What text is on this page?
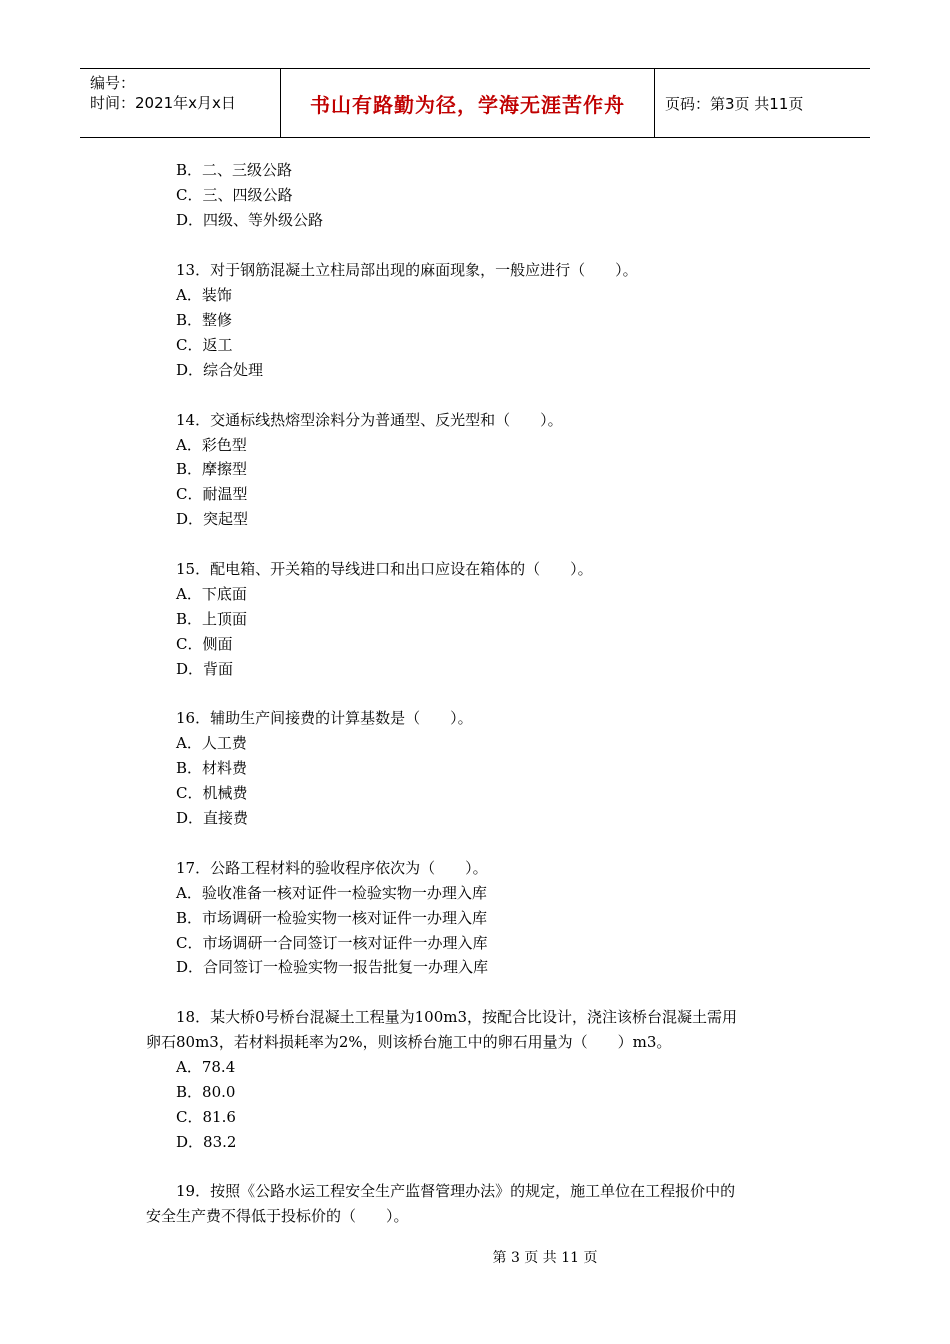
编号：
时间：2021年x月x日	书山有路勤为径，学海无涯苦作舟	页码：第3页 共11页
B．二、三级公路
C．三、四级公路
D．四级、等外级公路
13．对于钢筋混凝土立柱局部出现的麻面现象，一般应进行（　　）。
A．装饰
B．整修
C．返工
D．综合处理
14．交通标线热熔型涂料分为普通型、反光型和（　　）。
A．彩色型
B．摩擦型
C．耐温型
D．突起型
15．配电箱、开关箱的导线进口和出口应设在箱体的（　　）。
A．下底面
B．上顶面
C．侧面
D．背面
16．辅助生产间接费的计算基数是（　　）。
A．人工费
B．材料费
C．机械费
D．直接费
17．公路工程材料的验收程序依次为（　　）。
A．验收准备一核对证件一检验实物一办理入库
B．市场调研一检验实物一核对证件一办理入库
C．市场调研一合同签订一核对证件一办理入库
D．合同签订一检验实物一报告批复一办理入库
18．某大桥0号桥台混凝土工程量为100m3，按配合比设计，浇注该桥台混凝土需用
卵石80m3，若材料损耗率为2%，则该桥台施工中的卵石用量为（　　）m3。
A．78.4
B．80.0
C．81.6
D．83.2
19．按照《公路水运工程安全生产监督管理办法》的规定，施工单位在工程报价中的
安全生产费不得低于投标价的（　　）。
第 3 页 共 11 页
